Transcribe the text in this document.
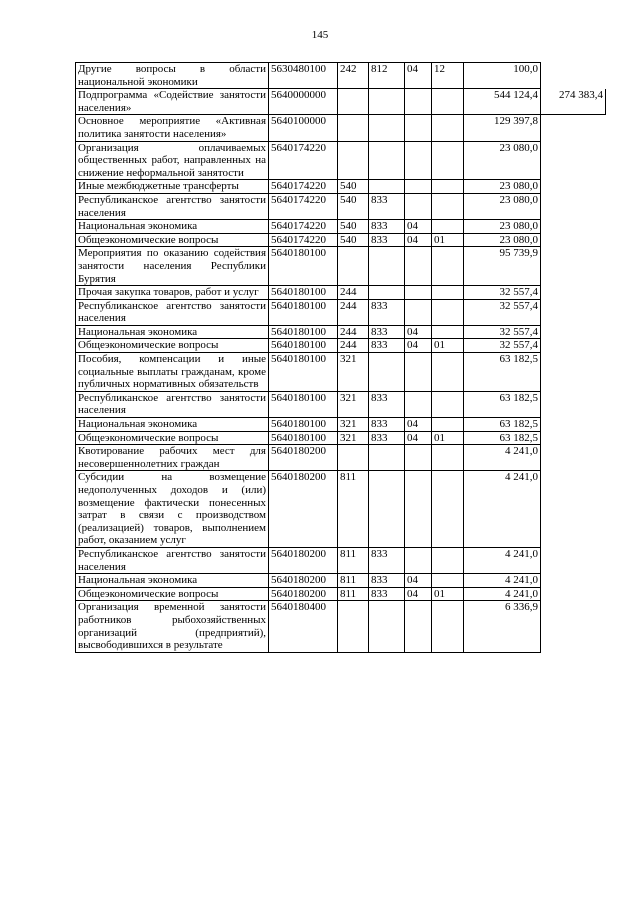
145
Другие вопросы в области национальной экономики	5630480100	242	812	04	12	100,0	
Подпрограмма «Содействие занятости населения»	5640000000					544 124,4	274 383,4
Основное мероприятие «Активная политика занятости населения»	5640100000					129 397,8	
Организация оплачиваемых общественных работ, направленных на снижение неформальной занятости	5640174220					23 080,0	
Иные межбюджетные трансферты	5640174220	540				23 080,0	
Республиканское агентство занятости населения	5640174220	540	833			23 080,0	
Национальная экономика	5640174220	540	833	04		23 080,0	
Общеэкономические вопросы	5640174220	540	833	04	01	23 080,0	
Мероприятия по оказанию содействия занятости населения Республики Бурятия	5640180100					95 739,9	
Прочая закупка товаров, работ и услуг	5640180100	244				32 557,4	
Республиканское агентство занятости населения	5640180100	244	833			32 557,4	
Национальная экономика	5640180100	244	833	04		32 557,4	
Общеэкономические вопросы	5640180100	244	833	04	01	32 557,4	
Пособия, компенсации и иные социальные выплаты гражданам, кроме публичных нормативных обязательств	5640180100	321				63 182,5	
Республиканское агентство занятости населения	5640180100	321	833			63 182,5	
Национальная экономика	5640180100	321	833	04		63 182,5	
Общеэкономические вопросы	5640180100	321	833	04	01	63 182,5	
Квотирование рабочих мест для несовершеннолетних граждан	5640180200					4 241,0	
Субсидии на возмещение недополученных доходов и (или) возмещение фактически понесенных затрат в связи с производством (реализацией) товаров, выполнением работ, оказанием услуг	5640180200	811				4 241,0	
Республиканское агентство занятости населения	5640180200	811	833			4 241,0	
Национальная экономика	5640180200	811	833	04		4 241,0	
Общеэкономические вопросы	5640180200	811	833	04	01	4 241,0	
Организация временной занятости работников рыбохозяйственных организаций (предприятий), высвободившихся в результате	5640180400					6 336,9	
